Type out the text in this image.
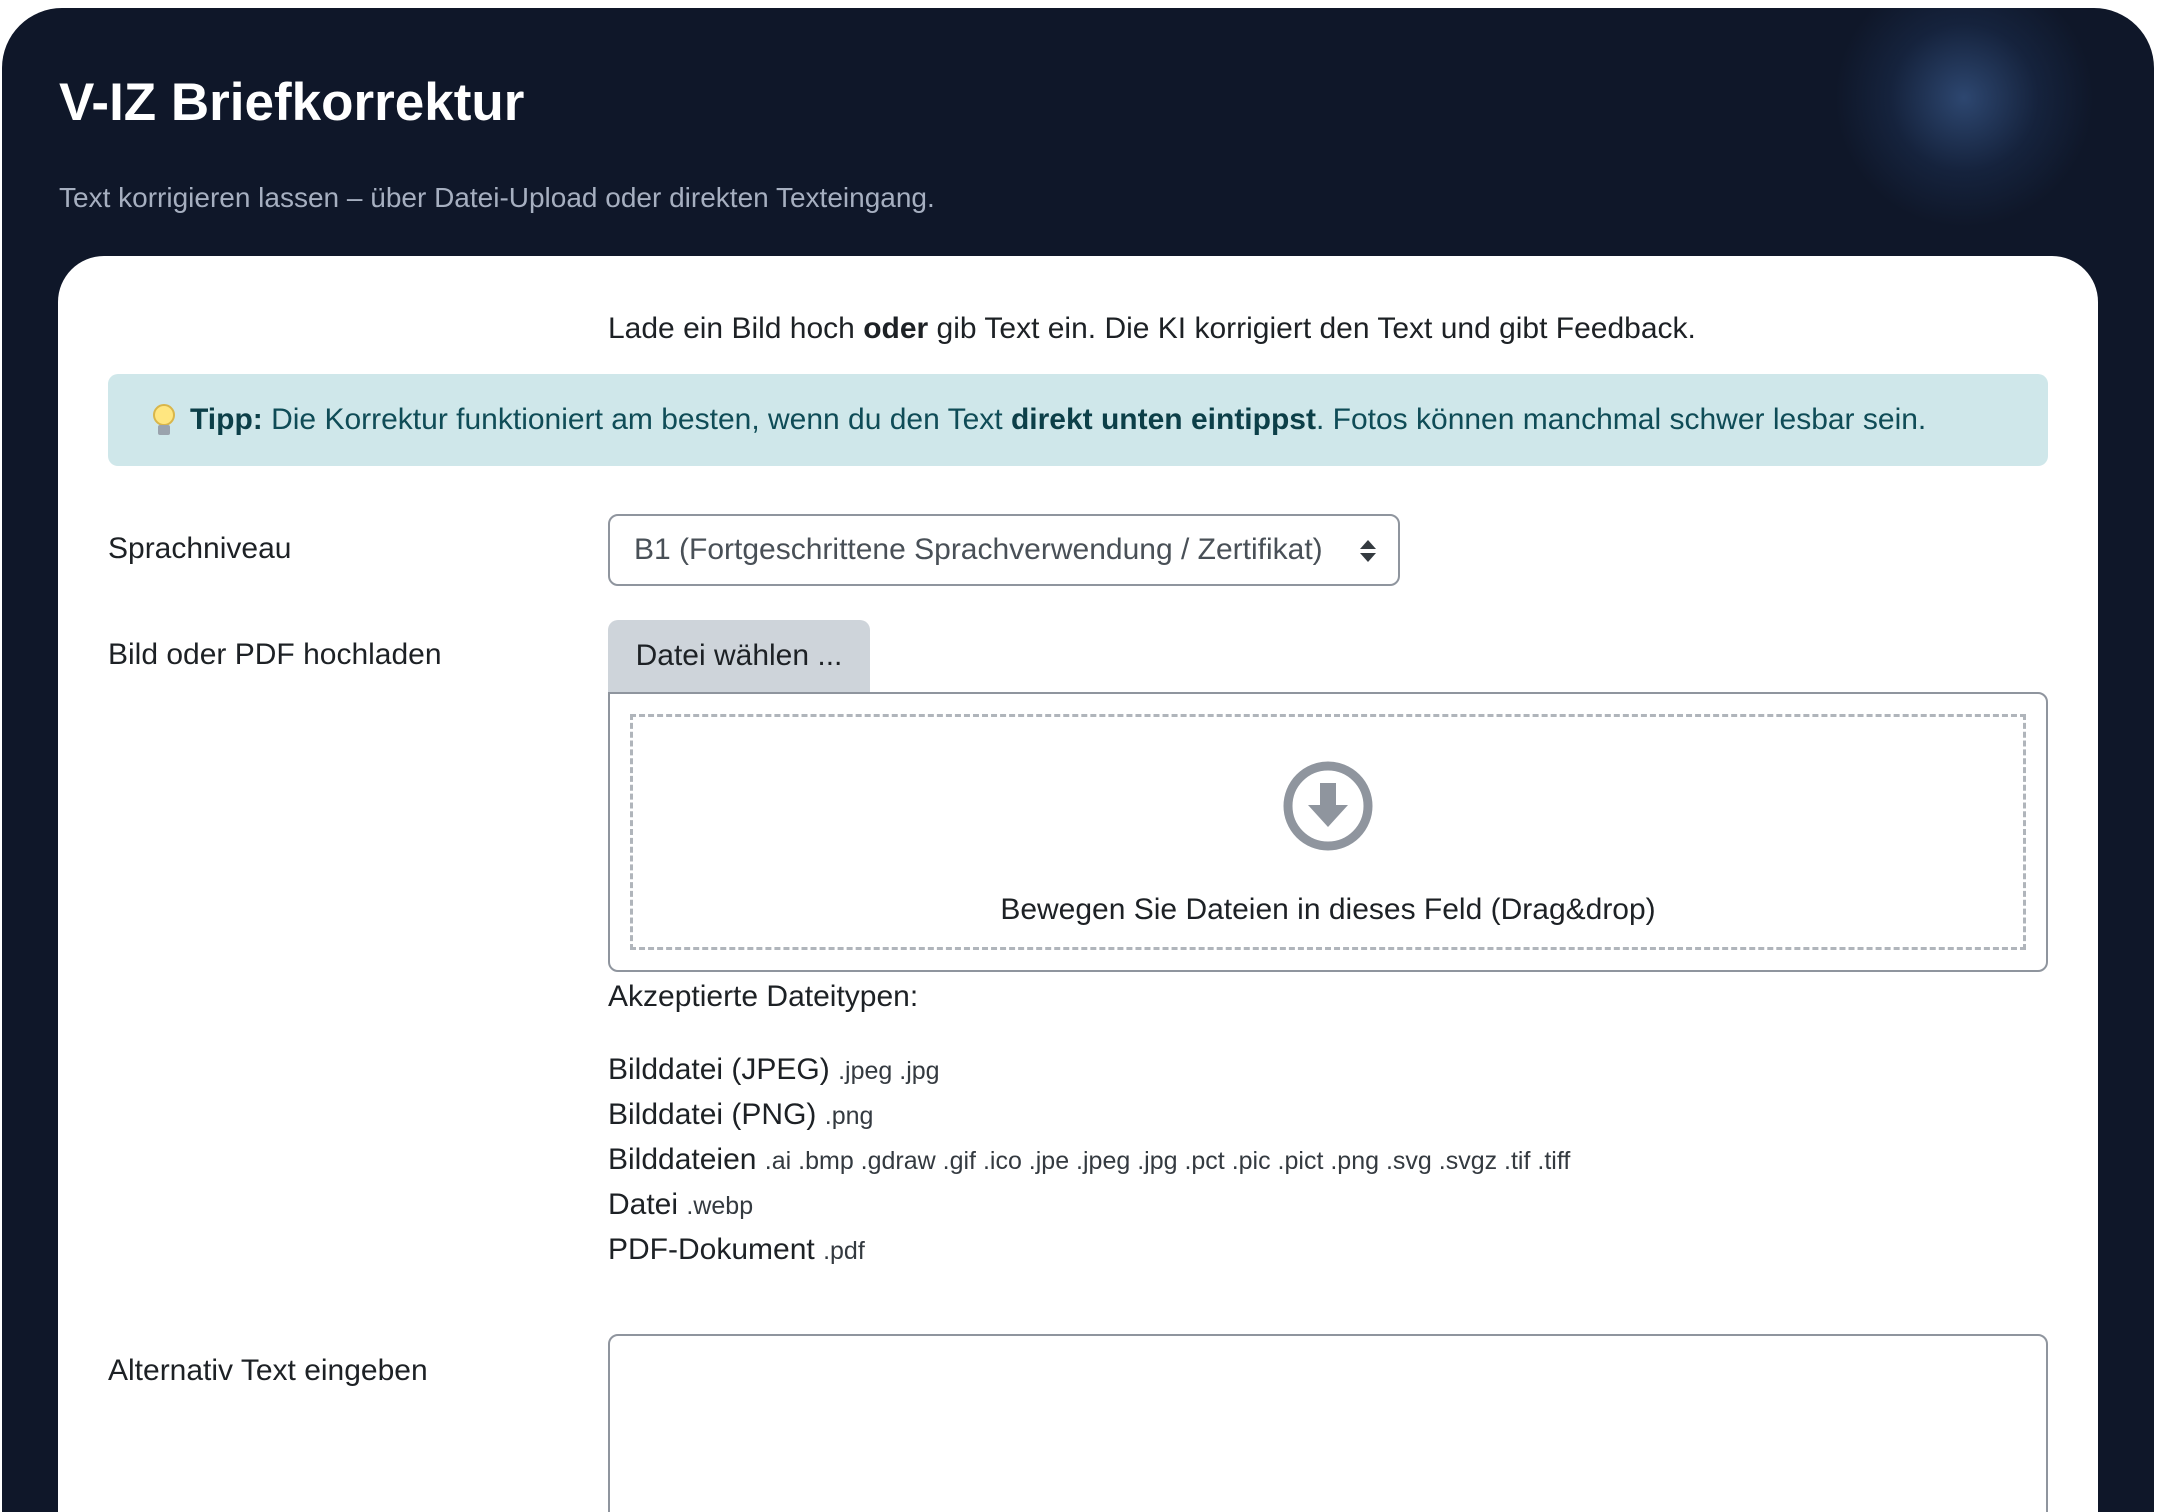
V-IZ Briefkorrektur

Text korrigieren lassen – über Datei-Upload oder direkten Texteingang.

Lade ein Bild hoch oder gib Text ein. Die KI korrigiert den Text und gibt Feedback.
Tipp: Die Korrektur funktioniert am besten, wenn du den Text direkt unten eintippst. Fotos können manchmal schwer lesbar sein.
Sprachniveau	B1 (Fortgeschrittene Sprachverwendung / Zertifikat)
Bild oder PDF hochladen	Datei wählen ...
Bewegen Sie Dateien in dieses Feld (Drag&drop)
Akzeptierte Dateitypen:
Bilddatei (JPEG) .jpeg .jpg
Bilddatei (PNG) .png
Bilddateien .ai .bmp .gdraw .gif .ico .jpe .jpeg .jpg .pct .pic .pict .png .svg .svgz .tif .tiff
Datei .webp
PDF-Dokument .pdf
Alternativ Text eingeben
